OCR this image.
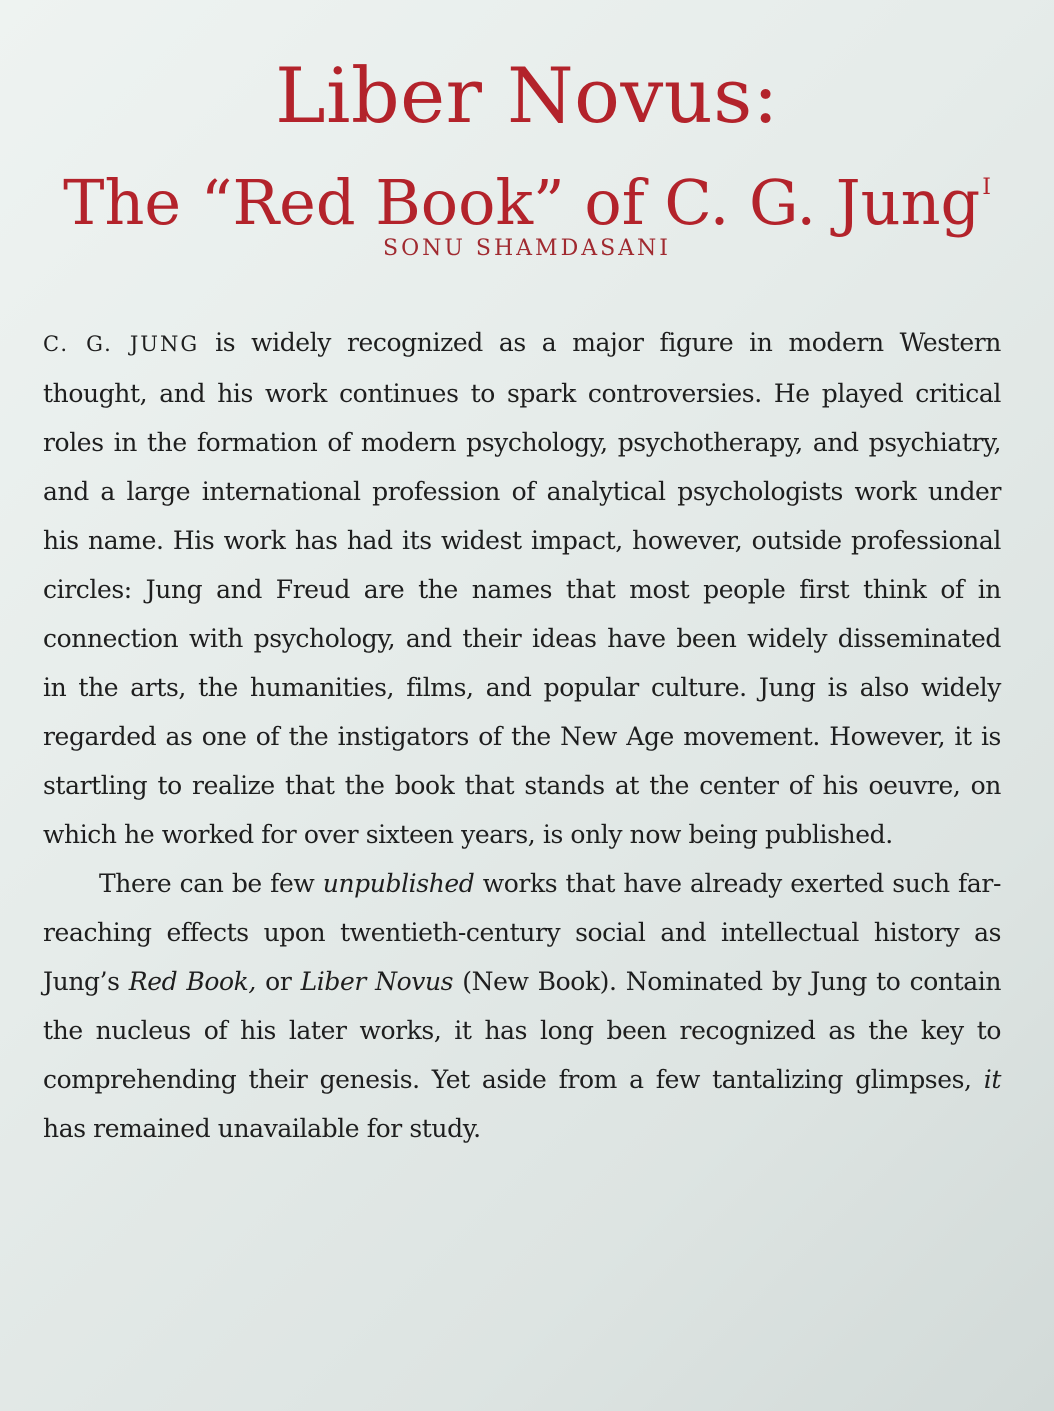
Liber Novus:
The “Red Book” of C. G. Jung$^I$
SONU SHAMDASANI

C. G. JUNG is widely recognized as a major figure in modern Western thought, and his work continues to spark controversies. He played critical roles in the formation of modern psychology, psychotherapy, and psychiatry, and a large international profession of analytical psychologists work under his name. His work has had its widest impact, however, outside professional circles: Jung and Freud are the names that most people first think of in connection with psychology, and their ideas have been widely disseminated in the arts, the humanities, films, and popular culture. Jung is also widely regarded as one of the instigators of the New Age movement. However, it is startling to realize that the book that stands at the center of his oeuvre, on which he worked for over sixteen years, is only now being published.

There can be few unpublished works that have already exerted such far-reaching effects upon twentieth-century social and intellectual history as Jung’s Red Book, or Liber Novus (New Book). Nominated by Jung to contain the nucleus of his later works, it has long been recognized as the key to comprehending their genesis. Yet aside from a few tantalizing glimpses, it has remained unavailable for study.
